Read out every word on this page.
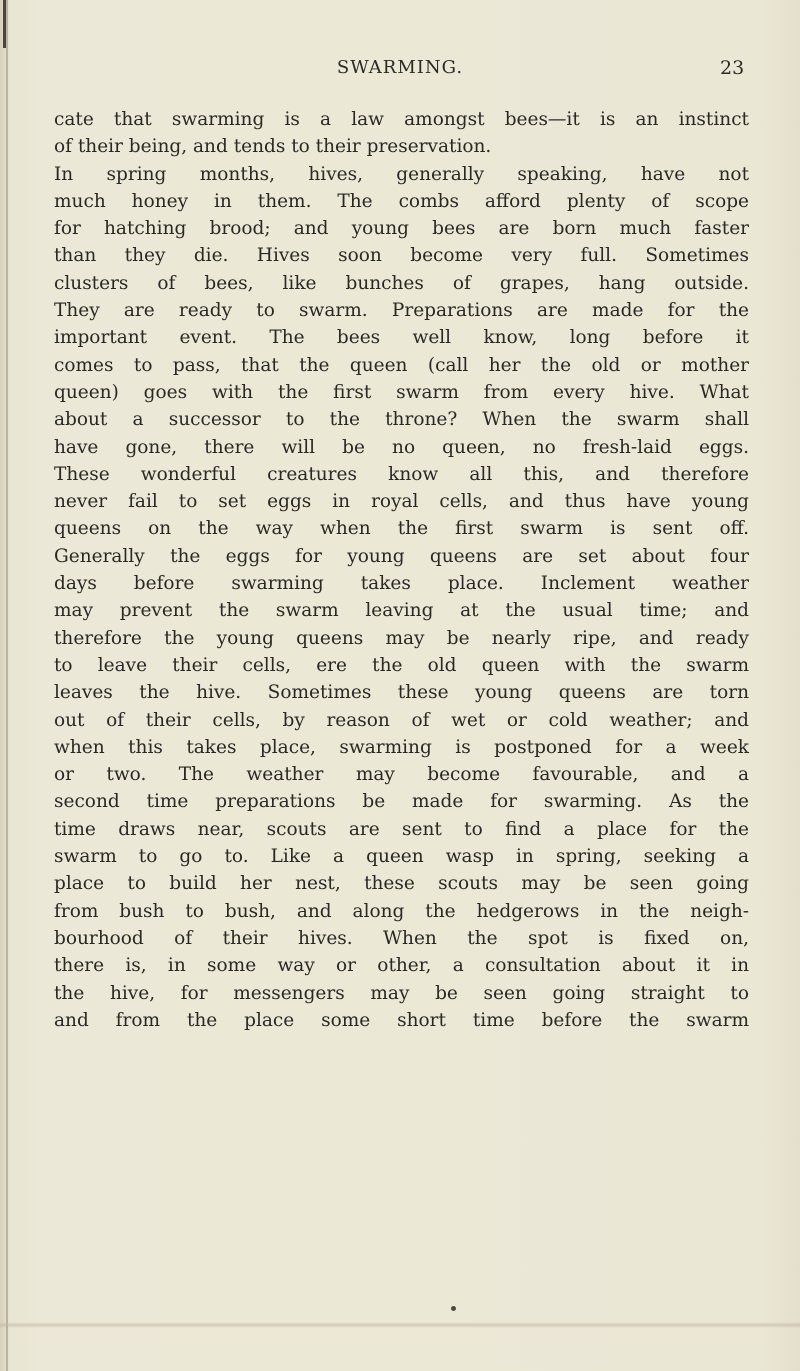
SWARMING.	23
cate that swarming is a law amongst bees—it is an instinct
of their being, and tends to their preservation.
In spring months, hives, generally speaking, have not
much honey in them. The combs afford plenty of scope
for hatching brood; and young bees are born much faster
than they die. Hives soon become very full. Sometimes
clusters of bees, like bunches of grapes, hang outside.
They are ready to swarm. Preparations are made for the
important event. The bees well know, long before it
comes to pass, that the queen (call her the old or mother
queen) goes with the first swarm from every hive. What
about a successor to the throne? When the swarm shall
have gone, there will be no queen, no fresh-laid eggs.
These wonderful creatures know all this, and therefore
never fail to set eggs in royal cells, and thus have young
queens on the way when the first swarm is sent off.
Generally the eggs for young queens are set about four
days before swarming takes place. Inclement weather
may prevent the swarm leaving at the usual time; and
therefore the young queens may be nearly ripe, and ready
to leave their cells, ere the old queen with the swarm
leaves the hive. Sometimes these young queens are torn
out of their cells, by reason of wet or cold weather; and
when this takes place, swarming is postponed for a week
or two. The weather may become favourable, and a
second time preparations be made for swarming. As the
time draws near, scouts are sent to find a place for the
swarm to go to. Like a queen wasp in spring, seeking a
place to build her nest, these scouts may be seen going
from bush to bush, and along the hedgerows in the neigh-
bourhood of their hives. When the spot is fixed on,
there is, in some way or other, a consultation about it in
the hive, for messengers may be seen going straight to
and from the place some short time before the swarm
